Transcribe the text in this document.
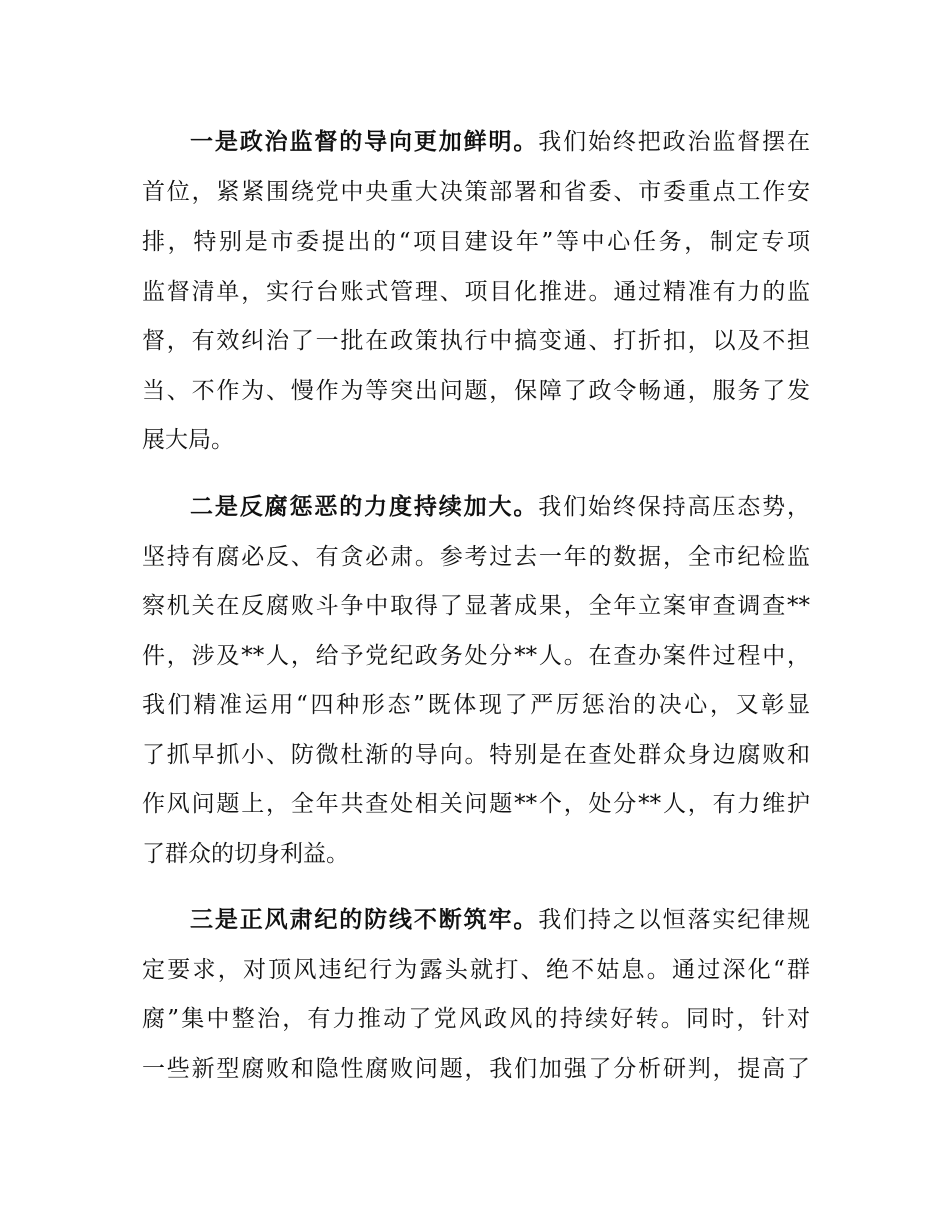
一是政治监督的导向更加鲜明。我们始终把政治监督摆在
首位，紧紧围绕党中央重大决策部署和省委、市委重点工作安
排，特别是市委提出的“项目建设年”等中心任务，制定专项
监督清单，实行台账式管理、项目化推进。通过精准有力的监
督，有效纠治了一批在政策执行中搞变通、打折扣，以及不担
当、不作为、慢作为等突出问题，保障了政令畅通，服务了发
展大局。
二是反腐惩恶的力度持续加大。我们始终保持高压态势，
坚持有腐必反、有贪必肃。参考过去一年的数据，全市纪检监
察机关在反腐败斗争中取得了显著成果，全年立案审查调查**
件，涉及**人，给予党纪政务处分**人。在查办案件过程中，
我们精准运用“四种形态”既体现了严厉惩治的决心，又彰显
了抓早抓小、防微杜渐的导向。特别是在查处群众身边腐败和
作风问题上，全年共查处相关问题**个，处分**人，有力维护
了群众的切身利益。
三是正风肃纪的防线不断筑牢。我们持之以恒落实纪律规
定要求，对顶风违纪行为露头就打、绝不姑息。通过深化“群
腐”集中整治，有力推动了党风政风的持续好转。同时，针对
一些新型腐败和隐性腐败问题，我们加强了分析研判，提高了
